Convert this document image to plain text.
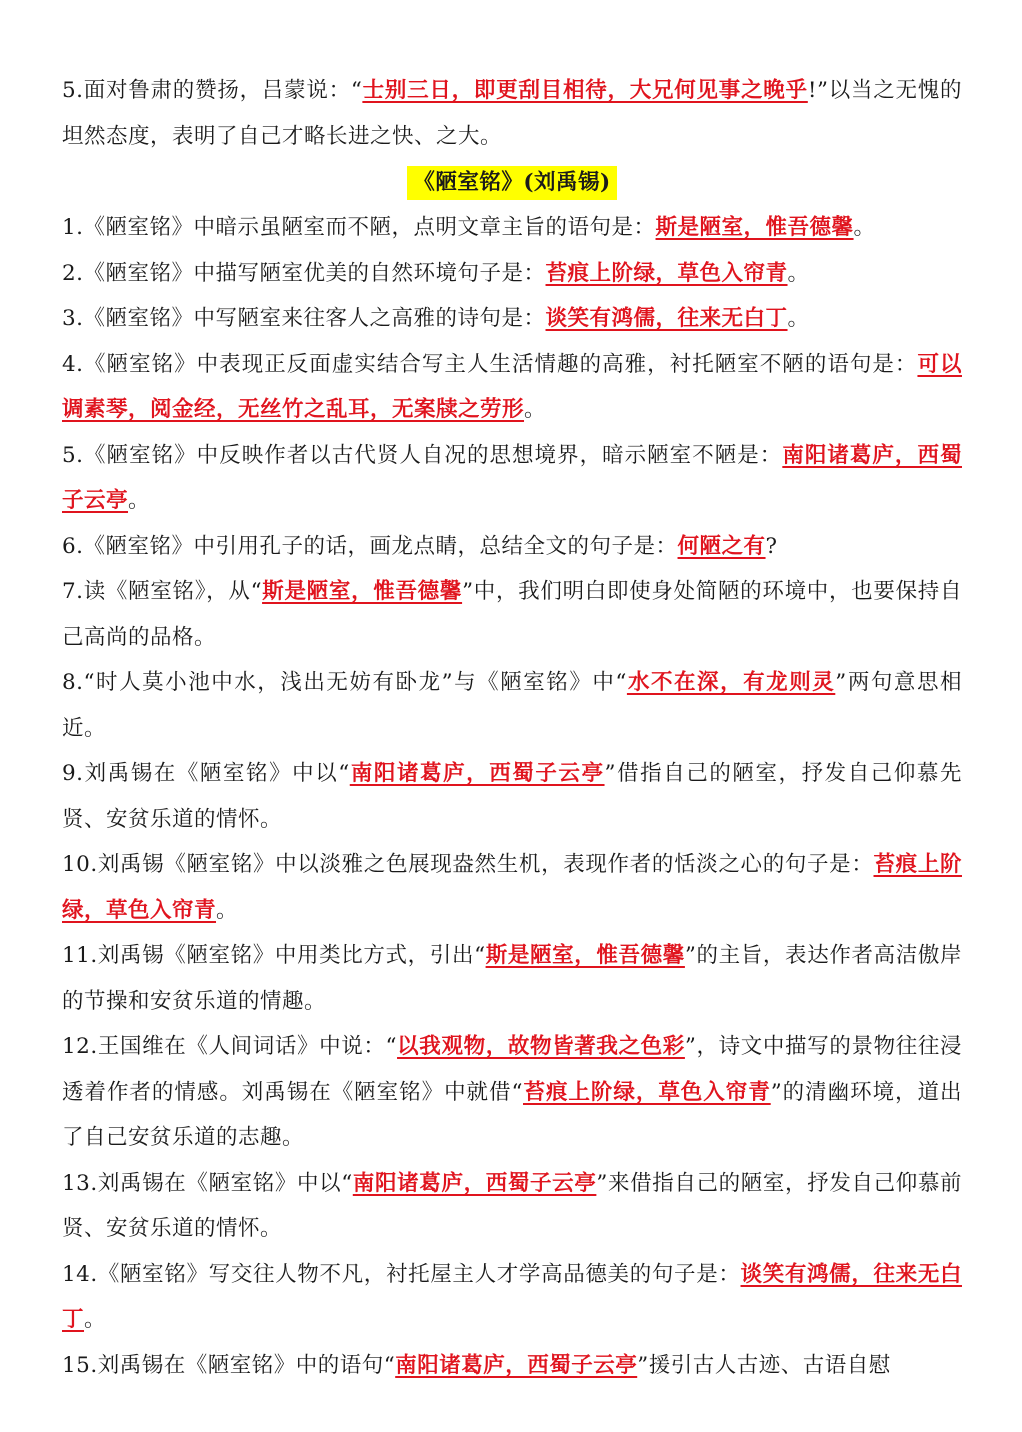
5.面对鲁肃的赞扬，吕蒙说：“士别三日，即更刮目相待，大兄何见事之晚乎!”以当之无愧的坦然态度，表明了自己才略长进之快、之大。

《陋室铭》(刘禹锡)

1.《陋室铭》中暗示虽陋室而不陋，点明文章主旨的语句是：斯是陋室，惟吾德馨。

2.《陋室铭》中描写陋室优美的自然环境句子是：苔痕上阶绿，草色入帘青。

3.《陋室铭》中写陋室来往客人之高雅的诗句是：谈笑有鸿儒，往来无白丁。

4.《陋室铭》中表现正反面虚实结合写主人生活情趣的高雅，衬托陋室不陋的语句是：可以调素琴，阅金经，无丝竹之乱耳，无案牍之劳形。

5.《陋室铭》中反映作者以古代贤人自况的思想境界，暗示陋室不陋是：南阳诸葛庐，西蜀子云亭。

6.《陋室铭》中引用孔子的话，画龙点睛，总结全文的句子是：何陋之有?

7.读《陋室铭》，从“斯是陋室，惟吾德馨”中，我们明白即使身处简陋的环境中，也要保持自己高尚的品格。

8.“时人莫小池中水，浅出无妨有卧龙”与《陋室铭》中“水不在深，有龙则灵”两句意思相近。

9.刘禹锡在《陋室铭》中以“南阳诸葛庐，西蜀子云亭”借指自己的陋室，抒发自己仰慕先贤、安贫乐道的情怀。

10.刘禹锡《陋室铭》中以淡雅之色展现盎然生机，表现作者的恬淡之心的句子是：苔痕上阶绿，草色入帘青。

11.刘禹锡《陋室铭》中用类比方式，引出“斯是陋室，惟吾德馨”的主旨，表达作者高洁傲岸的节操和安贫乐道的情趣。

12.王国维在《人间词话》中说：“以我观物，故物皆著我之色彩”，诗文中描写的景物往往浸透着作者的情感。刘禹锡在《陋室铭》中就借“苔痕上阶绿，草色入帘青”的清幽环境，道出了自己安贫乐道的志趣。

13.刘禹锡在《陋室铭》中以“南阳诸葛庐，西蜀子云亭”来借指自己的陋室，抒发自己仰慕前贤、安贫乐道的情怀。

14.《陋室铭》写交往人物不凡，衬托屋主人才学高品德美的句子是：谈笑有鸿儒，往来无白丁。

15.刘禹锡在《陋室铭》中的语句“南阳诸葛庐，西蜀子云亭”援引古人古迹、古语自慰
